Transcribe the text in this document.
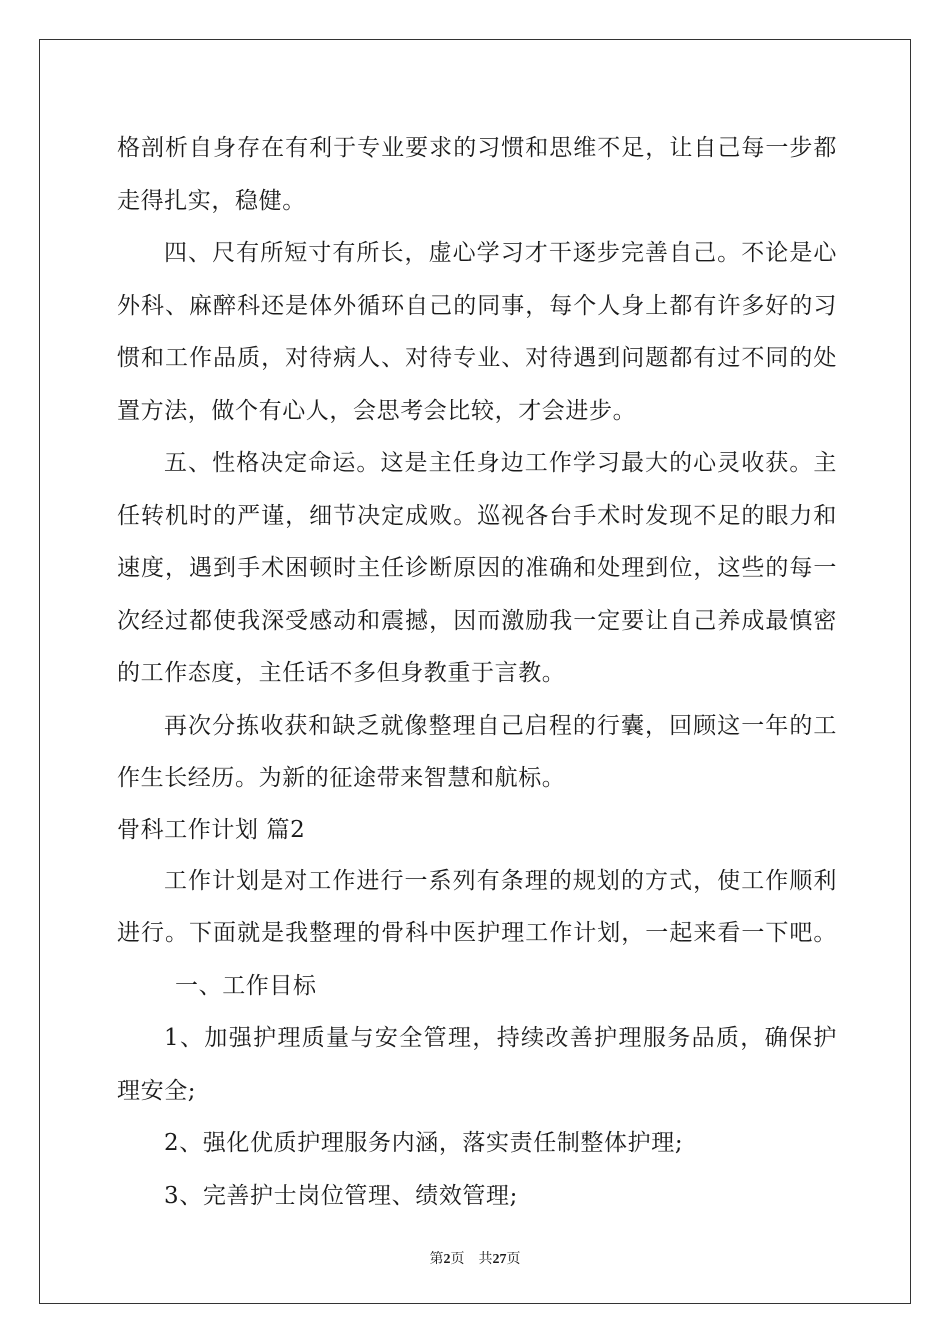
格剖析自身存在有利于专业要求的习惯和思维不足，让自己每一步都
走得扎实，稳健。
四、尺有所短寸有所长，虚心学习才干逐步完善自己。不论是心
外科、麻醉科还是体外循环自己的同事，每个人身上都有许多好的习
惯和工作品质，对待病人、对待专业、对待遇到问题都有过不同的处
置方法，做个有心人，会思考会比较，才会进步。
五、性格决定命运。这是主任身边工作学习最大的心灵收获。主
任转机时的严谨，细节决定成败。巡视各台手术时发现不足的眼力和
速度，遇到手术困顿时主任诊断原因的准确和处理到位，这些的每一
次经过都使我深受感动和震撼，因而激励我一定要让自己养成最慎密
的工作态度，主任话不多但身教重于言教。
再次分拣收获和缺乏就像整理自己启程的行囊，回顾这一年的工
作生长经历。为新的征途带来智慧和航标。
骨科工作计划 篇2
工作计划是对工作进行一系列有条理的规划的方式，使工作顺利
进行。下面就是我整理的骨科中医护理工作计划，一起来看一下吧。
一、工作目标
1、加强护理质量与安全管理，持续改善护理服务品质，确保护
理安全;
2、强化优质护理服务内涵，落实责任制整体护理;
3、完善护士岗位管理、绩效管理;
第2页　共27页
